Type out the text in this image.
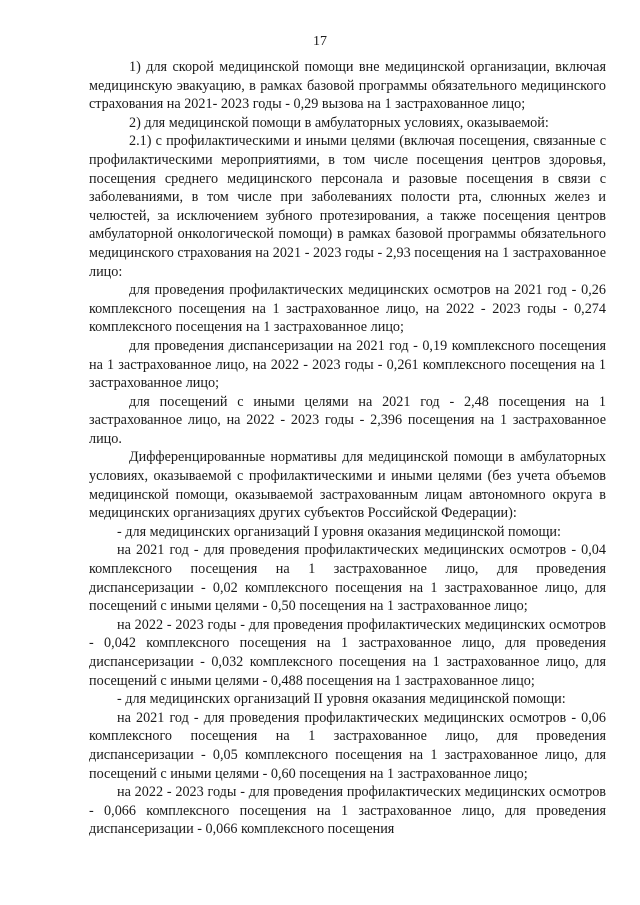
17

1) для скорой медицинской помощи вне медицинской организации, включая медицинскую эвакуацию, в рамках базовой программы обязательного медицинского страхования на 2021- 2023 годы - 0,29 вызова на 1 застрахованное лицо;

2) для медицинской помощи в амбулаторных условиях, оказываемой:

2.1) с профилактическими и иными целями (включая посещения, связанные с профилактическими мероприятиями, в том числе посещения центров здоровья, посещения среднего медицинского персонала и разовые посещения в связи с заболеваниями, в том числе при заболеваниях полости рта, слюнных желез и челюстей, за исключением зубного протезирования, а также посещения центров амбулаторной онкологической помощи) в рамках базовой программы обязательного медицинского страхования на 2021 - 2023 годы - 2,93 посещения на 1 застрахованное лицо:

для проведения профилактических медицинских осмотров на 2021 год - 0,26 комплексного посещения на 1 застрахованное лицо, на 2022 - 2023 годы - 0,274 комплексного посещения на 1 застрахованное лицо;

для проведения диспансеризации на 2021 год - 0,19 комплексного посещения на 1 застрахованное лицо, на 2022 - 2023 годы - 0,261 комплексного посещения на 1 застрахованное лицо;

для посещений с иными целями на 2021 год - 2,48 посещения на 1 застрахованное лицо, на 2022 - 2023 годы - 2,396 посещения на 1 застрахованное лицо.

Дифференцированные нормативы для медицинской помощи в амбулаторных условиях, оказываемой с профилактическими и иными целями (без учета объемов медицинской помощи, оказываемой застрахованным лицам автономного округа в медицинских организациях других субъектов Российской Федерации):

- для медицинских организаций I уровня оказания медицинской помощи:

на 2021 год - для проведения профилактических медицинских осмотров - 0,04 комплексного посещения на 1 застрахованное лицо, для проведения диспансеризации - 0,02 комплексного посещения на 1 застрахованное лицо, для посещений с иными целями - 0,50 посещения на 1 застрахованное лицо;

на 2022 - 2023 годы - для проведения профилактических медицинских осмотров - 0,042 комплексного посещения на 1 застрахованное лицо, для проведения диспансеризации - 0,032 комплексного посещения на 1 застрахованное лицо, для посещений с иными целями - 0,488 посещения на 1 застрахованное лицо;

- для медицинских организаций II уровня оказания медицинской помощи:

на 2021 год - для проведения профилактических медицинских осмотров - 0,06 комплексного посещения на 1 застрахованное лицо, для проведения диспансеризации - 0,05 комплексного посещения на 1 застрахованное лицо, для посещений с иными целями - 0,60 посещения на 1 застрахованное лицо;

на 2022 - 2023 годы - для проведения профилактических медицинских осмотров - 0,066 комплексного посещения на 1 застрахованное лицо, для проведения диспансеризации - 0,066 комплексного посещения
